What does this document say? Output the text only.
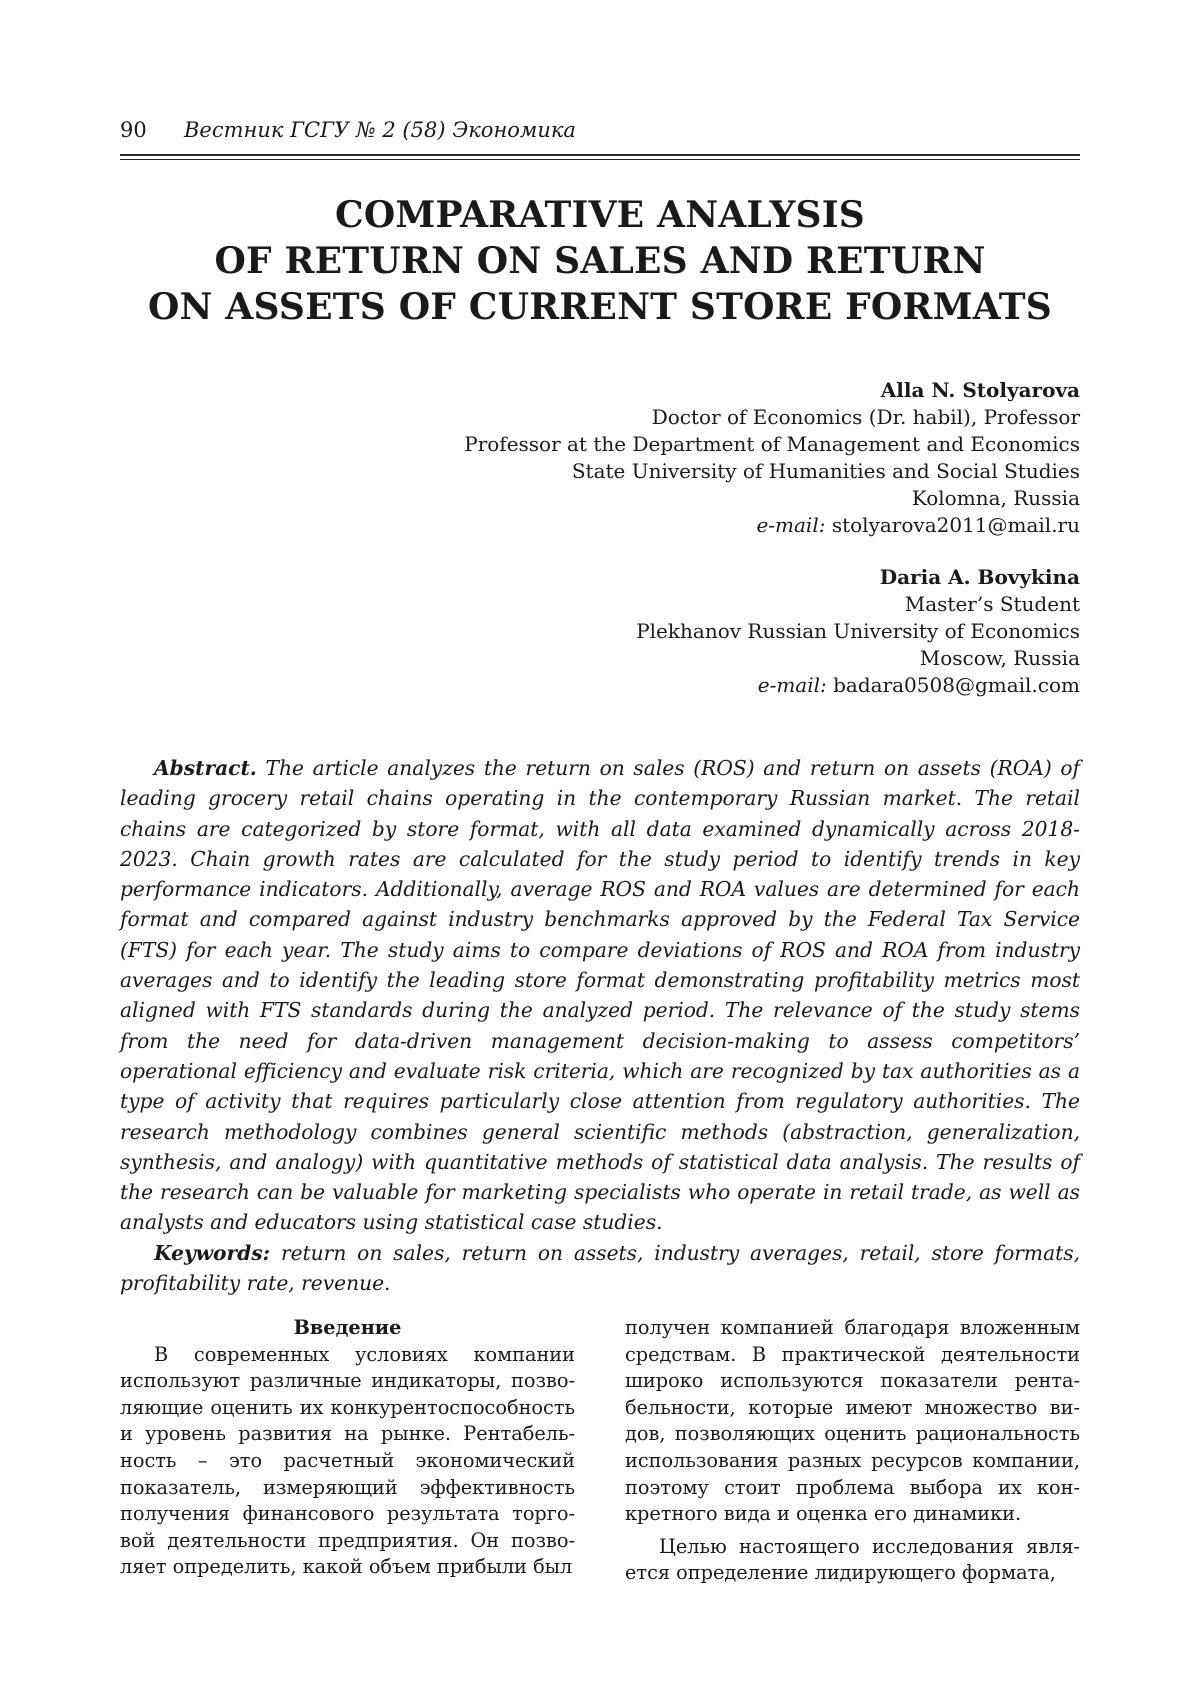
90 Вестник ГСГУ № 2 (58) Экономика
COMPARATIVE ANALYSIS
OF RETURN ON SALES AND RETURN
ON ASSETS OF CURRENT STORE FORMATS
Alla N. Stolyarova
Doctor of Economics (Dr. habil), Professor
Professor at the Department of Management and Economics
State University of Humanities and Social Studies
Kolomna, Russia
e-mail: stolyarova2011@mail.ru
Daria A. Bovykina
Master’s Student
Plekhanov Russian University of Economics
Moscow, Russia
e-mail: badara0508@gmail.com

Abstract. The article analyzes the return on sales (ROS) and return on assets (ROA) of leading grocery retail chains operating in the contemporary Russian market. The retail chains are categorized by store format, with all data examined dynamically across 2018-2023. Chain growth rates are calculated for the study period to identify trends in key performance indicators. Additionally, average ROS and ROA values are determined for each format and compared against industry benchmarks approved by the Federal Tax Service (FTS) for each year. The study aims to compare deviations of ROS and ROA from industry averages and to identify the leading store format demonstrating profitability metrics most aligned with FTS standards during the analyzed period. The relevance of the study stems from the need for data-driven management decision-making to assess competitors’ operational efficiency and evaluate risk criteria, which are recognized by tax authorities as a type of activity that requires particularly close attention from regulatory authorities. The research methodology combines general scientific methods (abstraction, generalization, synthesis, and analogy) with quantitative methods of statistical data analysis. The results of the research can be valuable for marketing specialists who operate in retail trade, as well as analysts and educators using statistical case studies.

Keywords: return on sales, return on assets, industry averages, retail, store formats, profitability rate, revenue.

Введение

В современных условиях компании используют различные индикаторы, позволяющие оценить их конкурентоспособность и уровень развития на рынке. Рентабельность – это расчетный экономический показатель, измеряющий эффективность получения финансового результата торговой деятельности предприятия. Он позволяет определить, какой объем прибыли был

получен компанией благодаря вложенным средствам. В практической деятельности широко используются показатели рентабельности, которые имеют множество видов, позволяющих оценить рациональность использования разных ресурсов компании, поэтому стоит проблема выбора их конкретного вида и оценка его динамики.

Целью настоящего исследования является определение лидирующего формата,
